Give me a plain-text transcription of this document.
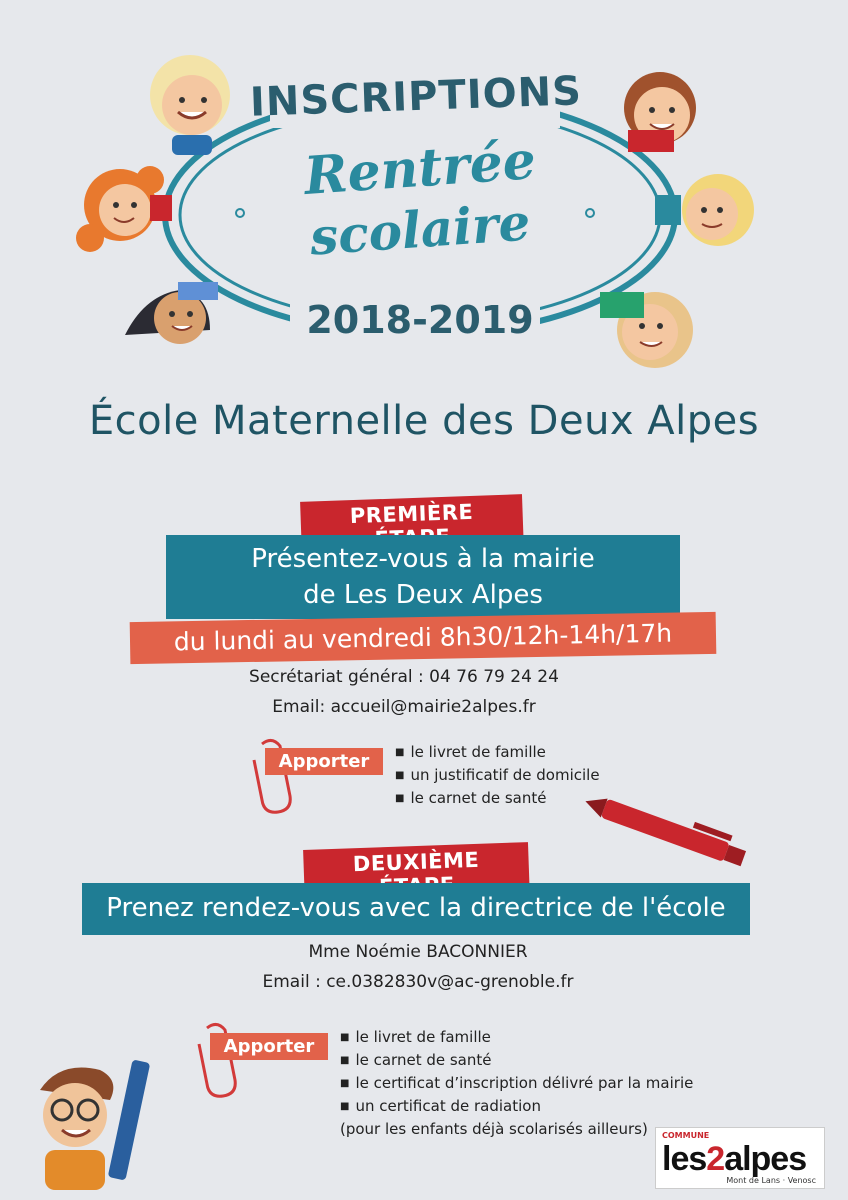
INSCRIPTIONS
Rentrée
scolaire
2018-2019
École Maternelle des Deux Alpes
PREMIÈRE
Présentez-vous à la mairie
de Les Deux Alpes
du lundi au vendredi 8h30/12h-14h/17h
Secrétariat général : 04 76 79 24 24
Email: accueil@mairie2alpes.fr
Apporter	■ le livret de famille
■ un justificatif de domicile
■ le carnet de santé
DEUXIÈME
Prenez rendez-vous avec la directrice de l'école
Mme Noémie BACONNIER
Email : ce.0382830v@ac-grenoble.fr
Apporter	■ le livret de famille
■ le carnet de santé
■ le certificat d’inscription délivré par la mairie
■ un certificat de radiation
(pour les enfants déjà scolarisés ailleurs)	COMMUNE
les2alpes
Mont de Lans · Venosc
